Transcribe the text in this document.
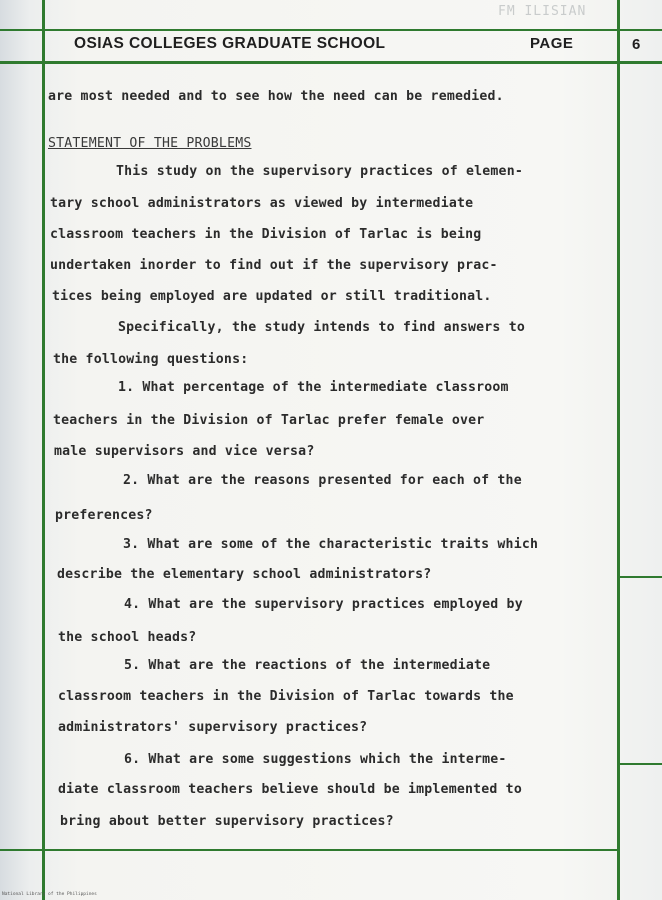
FM ILISIAN
OSIAS COLLEGES GRADUATE SCHOOL	PAGE	6
are most needed and to see how the need can be remedied.
STATEMENT OF THE PROBLEMS
This study on the supervisory practices of elemen-
tary school administrators as viewed by intermediate
classroom teachers in the Division of Tarlac is being
undertaken inorder to find out if the supervisory prac-
tices being employed are updated or still traditional.
Specifically, the study intends to find answers to
the following questions:
1. What percentage of the intermediate classroom
teachers in the Division of Tarlac prefer female over
male supervisors and vice versa?
2. What are the reasons presented for each of the
preferences?
3. What are some of the characteristic traits which
describe the elementary school administrators?
4. What are the supervisory practices employed by
the school heads?
5. What are the reactions of the intermediate
classroom teachers in the Division of Tarlac towards the
administrators' supervisory practices?
6. What are some suggestions which the interme-
diate classroom teachers believe should be implemented to
bring about better supervisory practices?
National Library of the Philippines
